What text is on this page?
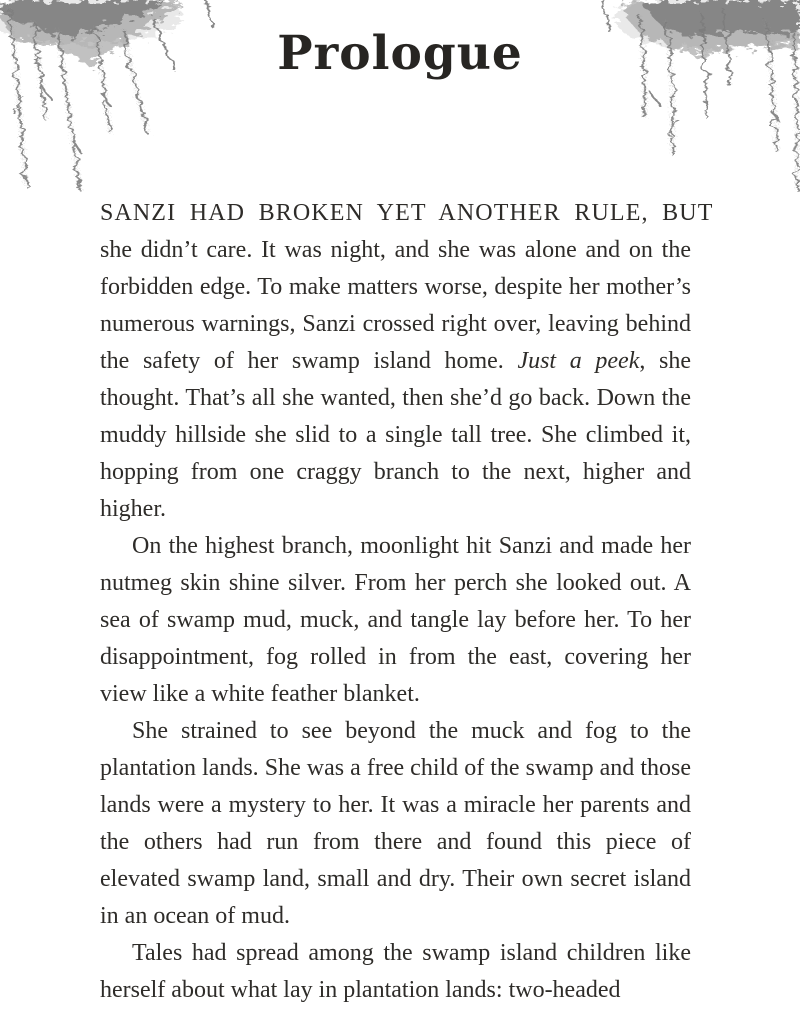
Prologue

SANZI HAD BROKEN YET ANOTHER RULE, BUT
she didn’t care. It was night, and she was alone and on the forbidden edge. To make matters worse, despite her mother’s numerous warnings, Sanzi crossed right over, leaving behind the safety of her swamp island home. Just a peek, she thought. That’s all she wanted, then she’d go back. Down the muddy hillside she slid to a single tall tree. She climbed it, hopping from one craggy branch to the next, higher and higher.

On the highest branch, moonlight hit Sanzi and made her nutmeg skin shine silver. From her perch she looked out. A sea of swamp mud, muck, and tangle lay before her. To her disappointment, fog rolled in from the east, covering her view like a white feather blanket.

She strained to see beyond the muck and fog to the plantation lands. She was a free child of the swamp and those lands were a mystery to her. It was a miracle her parents and the others had run from there and found this piece of elevated swamp land, small and dry. Their own secret island in an ocean of mud.

Tales had spread among the swamp island children like herself about what lay in plantation lands: two-headed
